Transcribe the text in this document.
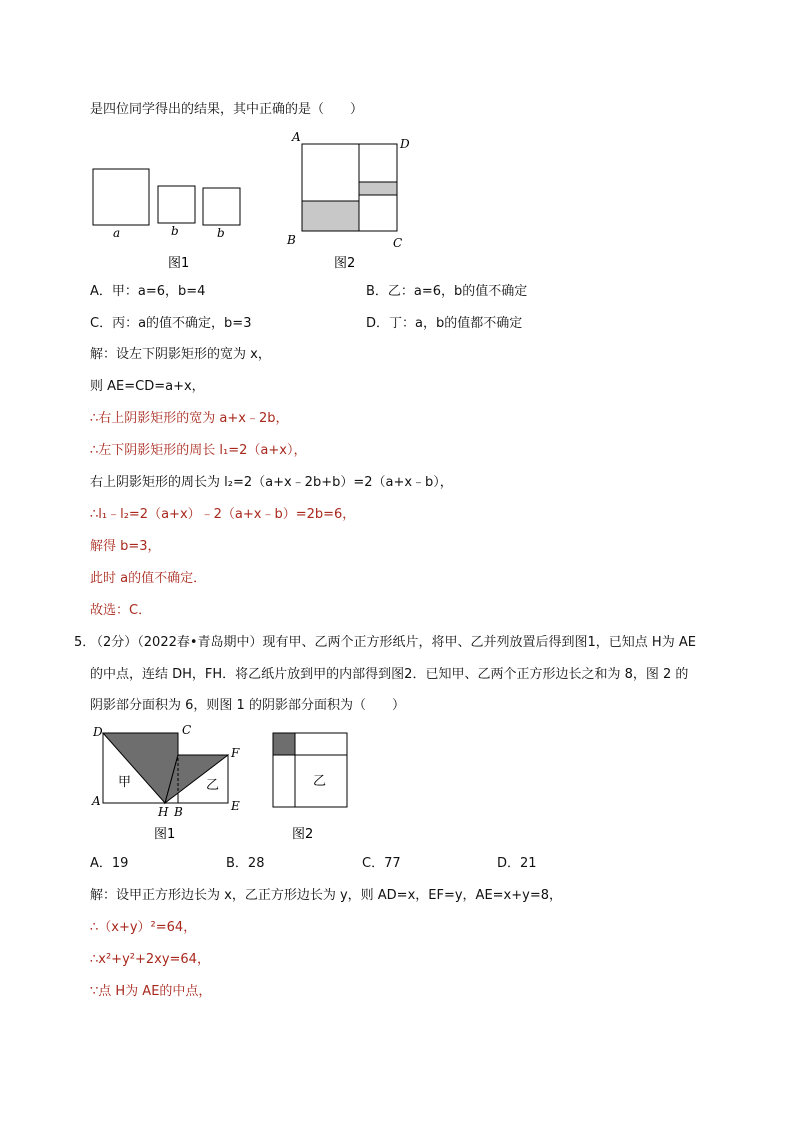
是四位同学得出的结果，其中正确的是（　　）
a	b	b
图1
A	D
B	C
图2
A．甲：a=6，b=4	B．乙：a=6，b的值不确定
C．丙：a的值不确定，b=3	D．丁：a，b的值都不确定
解：设左下阴影矩形的宽为 x，
则 AE=CD=a+x，
∴右上阴影矩形的宽为 a+x﹣2b，
∴左下阴影矩形的周长 l₁=2（a+x），
右上阴影矩形的周长为 l₂=2（a+x﹣2b+b）=2（a+x﹣b），
∴l₁﹣l₂=2（a+x）﹣2（a+x﹣b）=2b=6，
解得 b=3，
此时 a的值不确定．
故选：C．
5．
（2分）（2022春•青岛期中）现有甲、乙两个正方形纸片，将甲、乙并列放置后得到图1，已知点 H为 AE
的中点，连结 DH，FH．将乙纸片放到甲的内部得到图2．已知甲、乙两个正方形边长之和为 8，图 2 的
阴影部分面积为 6，则图 1 的阴影部分面积为（　　）
D	C
F
A
H B	E
甲	乙
图1
乙
图2
A．19	B．28	C．77	D．21
解：设甲正方形边长为 x，乙正方形边长为 y，则 AD=x，EF=y，AE=x+y=8，
∴（x+y）²=64，
∴x²+y²+2xy=64，
∵点 H为 AE的中点，
